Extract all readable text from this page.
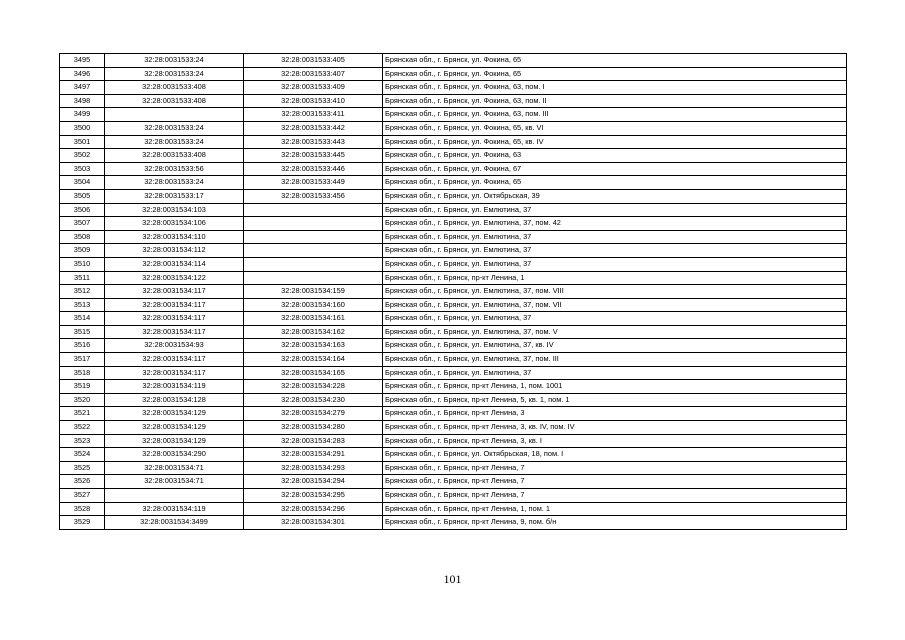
3495	32:28:0031533:24	32:28:0031533:405	Брянская обл., г. Брянск, ул. Фокина, 65
3496	32:28:0031533:24	32:28:0031533:407	Брянская обл., г. Брянск, ул. Фокина, 65
3497	32:28:0031533:408	32:28:0031533:409	Брянская обл., г. Брянск, ул. Фокина, 63, пом. I
3498	32:28:0031533:408	32:28:0031533:410	Брянская обл., г. Брянск, ул. Фокина, 63, пом. II
3499		32:28:0031533:411	Брянская обл., г. Брянск, ул. Фокина, 63, пом. III
3500	32:28:0031533:24	32:28:0031533:442	Брянская обл., г. Брянск, ул. Фокина, 65, кв. VI
3501	32:28:0031533:24	32:28:0031533:443	Брянская обл., г. Брянск, ул. Фокина, 65, кв. IV
3502	32:28:0031533:408	32:28:0031533:445	Брянская обл., г. Брянск, ул. Фокина, 63
3503	32:28:0031533:56	32:28:0031533:446	Брянская обл., г. Брянск, ул. Фокина, 67
3504	32:28:0031533:24	32:28:0031533:449	Брянская обл., г. Брянск, ул. Фокина, 65
3505	32:28:0031533:17	32:28:0031533:456	Брянская обл., г. Брянск, ул. Октябрьская, 39
3506	32:28:0031534:103		Брянская обл., г. Брянск, ул. Емлютина, 37
3507	32:28:0031534:106		Брянская обл., г. Брянск, ул. Емлютина, 37, пом. 42
3508	32:28:0031534:110		Брянская обл., г. Брянск, ул. Емлютина, 37
3509	32:28:0031534:112		Брянская обл., г. Брянск, ул. Емлютина, 37
3510	32:28:0031534:114		Брянская обл., г. Брянск, ул. Емлютина, 37
3511	32:28:0031534:122		Брянская обл., г. Брянск, пр-кт Ленина, 1
3512	32:28:0031534:117	32:28:0031534:159	Брянская обл., г. Брянск, ул. Емлютина, 37, пом. VIII
3513	32:28:0031534:117	32:28:0031534:160	Брянская обл., г. Брянск, ул. Емлютина, 37, пом. VII
3514	32:28:0031534:117	32:28:0031534:161	Брянская обл., г. Брянск, ул. Емлютина, 37
3515	32:28:0031534:117	32:28:0031534:162	Брянская обл., г. Брянск, ул. Емлютина, 37, пом. V
3516	32:28:0031534:93	32:28:0031534:163	Брянская обл., г. Брянск, ул. Емлютина, 37, кв. IV
3517	32:28:0031534:117	32:28:0031534:164	Брянская обл., г. Брянск, ул. Емлютина, 37, пом. III
3518	32:28:0031534:117	32:28:0031534:165	Брянская обл., г. Брянск, ул. Емлютина, 37
3519	32:28:0031534:119	32:28:0031534:228	Брянская обл., г. Брянск, пр-кт Ленина, 1, пом. 1001
3520	32:28:0031534:128	32:28:0031534:230	Брянская обл., г. Брянск, пр-кт Ленина, 5, кв. 1, пом. 1
3521	32:28:0031534:129	32:28:0031534:279	Брянская обл., г. Брянск, пр-кт Ленина, 3
3522	32:28:0031534:129	32:28:0031534:280	Брянская обл., г. Брянск, пр-кт Ленина, 3, кв. IV, пом. IV
3523	32:28:0031534:129	32:28:0031534:283	Брянская обл., г. Брянск, пр-кт Ленина, 3, кв. I
3524	32:28:0031534:290	32:28:0031534:291	Брянская обл., г. Брянск, ул. Октябрьская, 18, пом. I
3525	32:28:0031534:71	32:28:0031534:293	Брянская обл., г. Брянск, пр-кт Ленина, 7
3526	32:28:0031534:71	32:28:0031534:294	Брянская обл., г. Брянск, пр-кт Ленина, 7
3527		32:28:0031534:295	Брянская обл., г. Брянск, пр-кт Ленина, 7
3528	32:28:0031534:119	32:28:0031534:296	Брянская обл., г. Брянск, пр-кт Ленина, 1, пом. 1
3529	32:28:0031534:3499	32:28:0031534:301	Брянская обл., г. Брянск, пр-кт Ленина, 9, пом. б/н
101
